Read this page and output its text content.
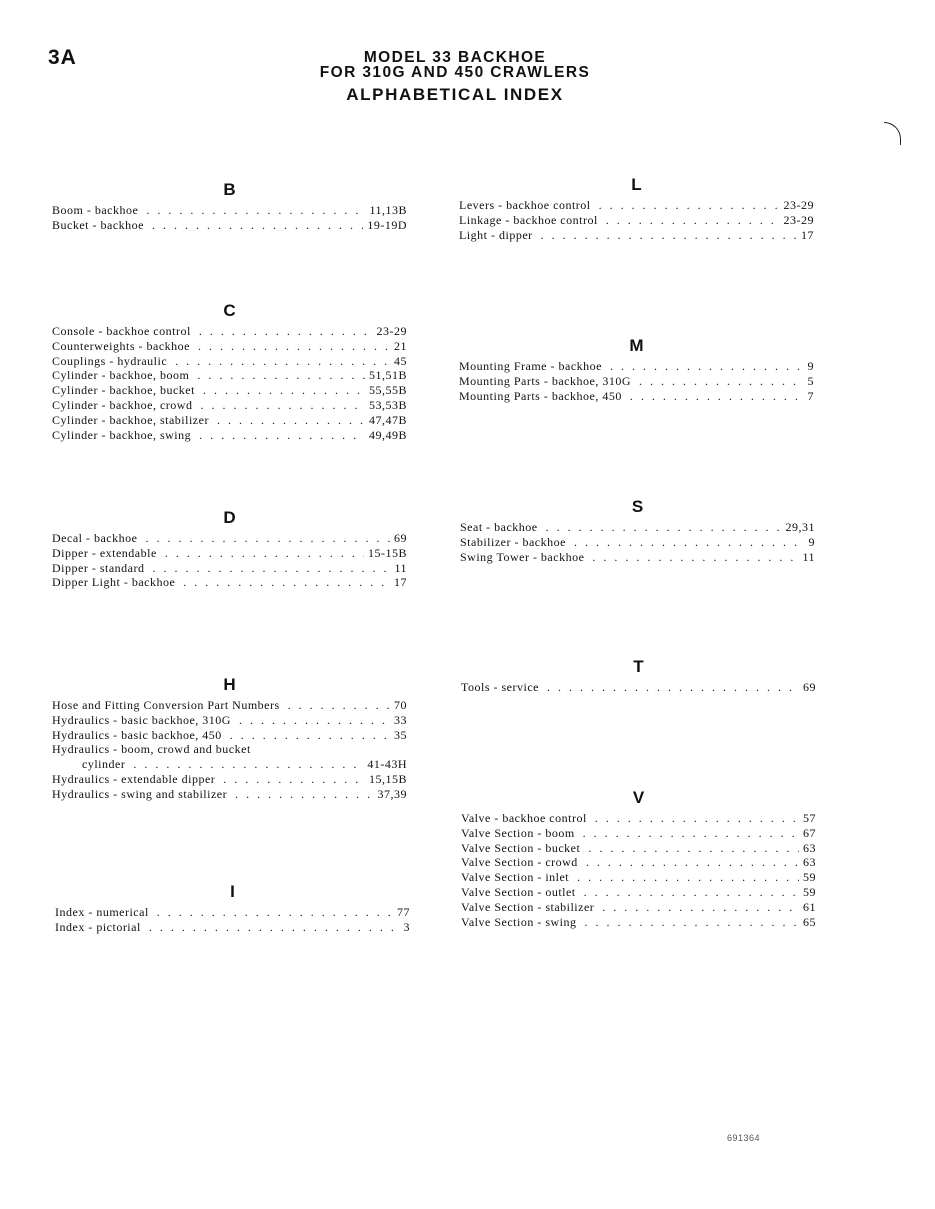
3A	MODEL 33 BACKHOE
FOR 310G AND 450 CRAWLERS
ALPHABETICAL INDEX
B
Boom - backhoe . . .	11,13B
Bucket - backhoe . . .	19-19D
C
Console - backhoe control . . .	23-29
Counterweights - backhoe . . .	21
Couplings - hydraulic . . .	45
Cylinder - backhoe, boom . . .	51,51B
Cylinder - backhoe, bucket . . .	55,55B
Cylinder - backhoe, crowd . . .	53,53B
Cylinder - backhoe, stabilizer . . .	47,47B
Cylinder - backhoe, swing . . .	49,49B
D
Decal - backhoe . . .	69
Dipper - extendable . . .	15-15B
Dipper - standard . . .	11
Dipper Light - backhoe . . .	17
H
Hose and Fitting Conversion Part Numbers . . .	70
Hydraulics - basic backhoe, 310G . . .	33
Hydraulics - basic backhoe, 450 . . .	35
Hydraulics - boom, crowd and bucket
cylinder . . .	41-43H
Hydraulics - extendable dipper . . .	15,15B
Hydraulics - swing and stabilizer . . .	37,39
I
Index - numerical . . .	77
Index - pictorial . . .	3
L
Levers - backhoe control . . .	23-29
Linkage - backhoe control . . .	23-29
Light - dipper . . .	17
M
Mounting Frame - backhoe . . .	9
Mounting Parts - backhoe, 310G . . .	5
Mounting Parts - backhoe, 450 . . .	7
S
Seat - backhoe . . .	29,31
Stabilizer - backhoe . . .	9
Swing Tower - backhoe . . .	11
T
Tools - service . . .	69
V
Valve - backhoe control . . .	57
Valve Section - boom . . .	67
Valve Section - bucket . . .	63
Valve Section - crowd . . .	63
Valve Section - inlet . . .	59
Valve Section - outlet . . .	59
Valve Section - stabilizer . . .	61
Valve Section - swing . . .	65
691364
